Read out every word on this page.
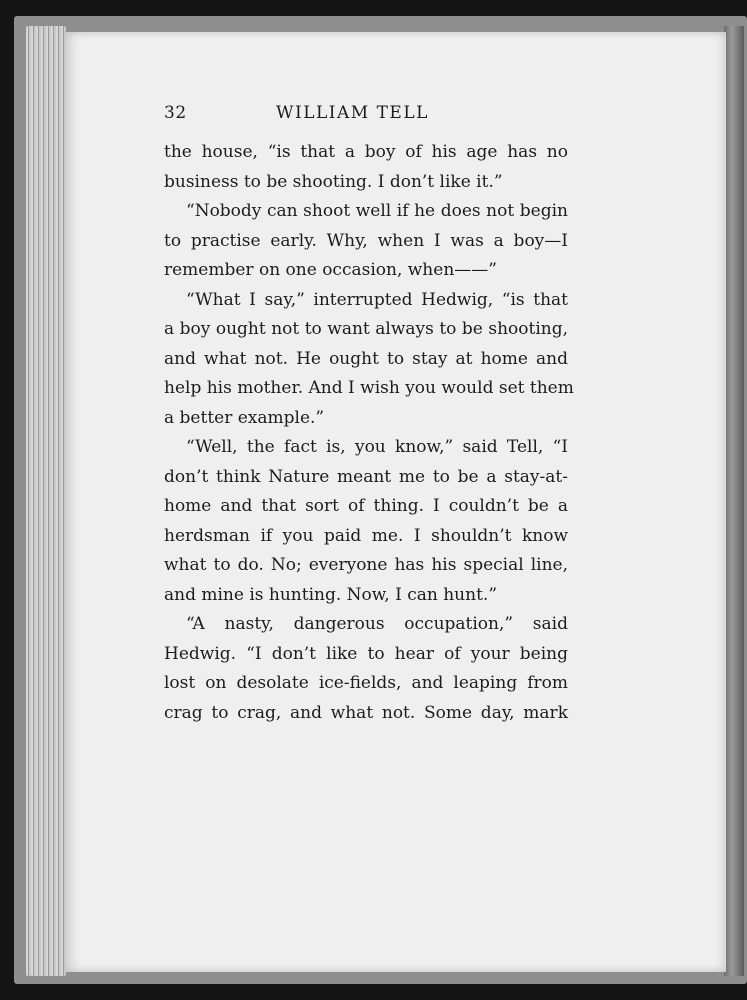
32	WILLIAM TELL
the house, “is that a boy of his age has no
business to be shooting. I don’t like it.”
“Nobody can shoot well if he does not begin
to practise early. Why, when I was a boy—I
remember on one occasion, when——”
“What I say,” interrupted Hedwig, “is that
a boy ought not to want always to be shooting,
and what not. He ought to stay at home and
help his mother. And I wish you would set them
a better example.”
“Well, the fact is, you know,” said Tell, “I
don’t think Nature meant me to be a stay-at-
home and that sort of thing. I couldn’t be a
herdsman if you paid me. I shouldn’t know
what to do. No; everyone has his special line,
and mine is hunting. Now, I can hunt.”
“A nasty, dangerous occupation,” said
Hedwig. “I don’t like to hear of your being
lost on desolate ice-fields, and leaping from
crag to crag, and what not. Some day, mark
